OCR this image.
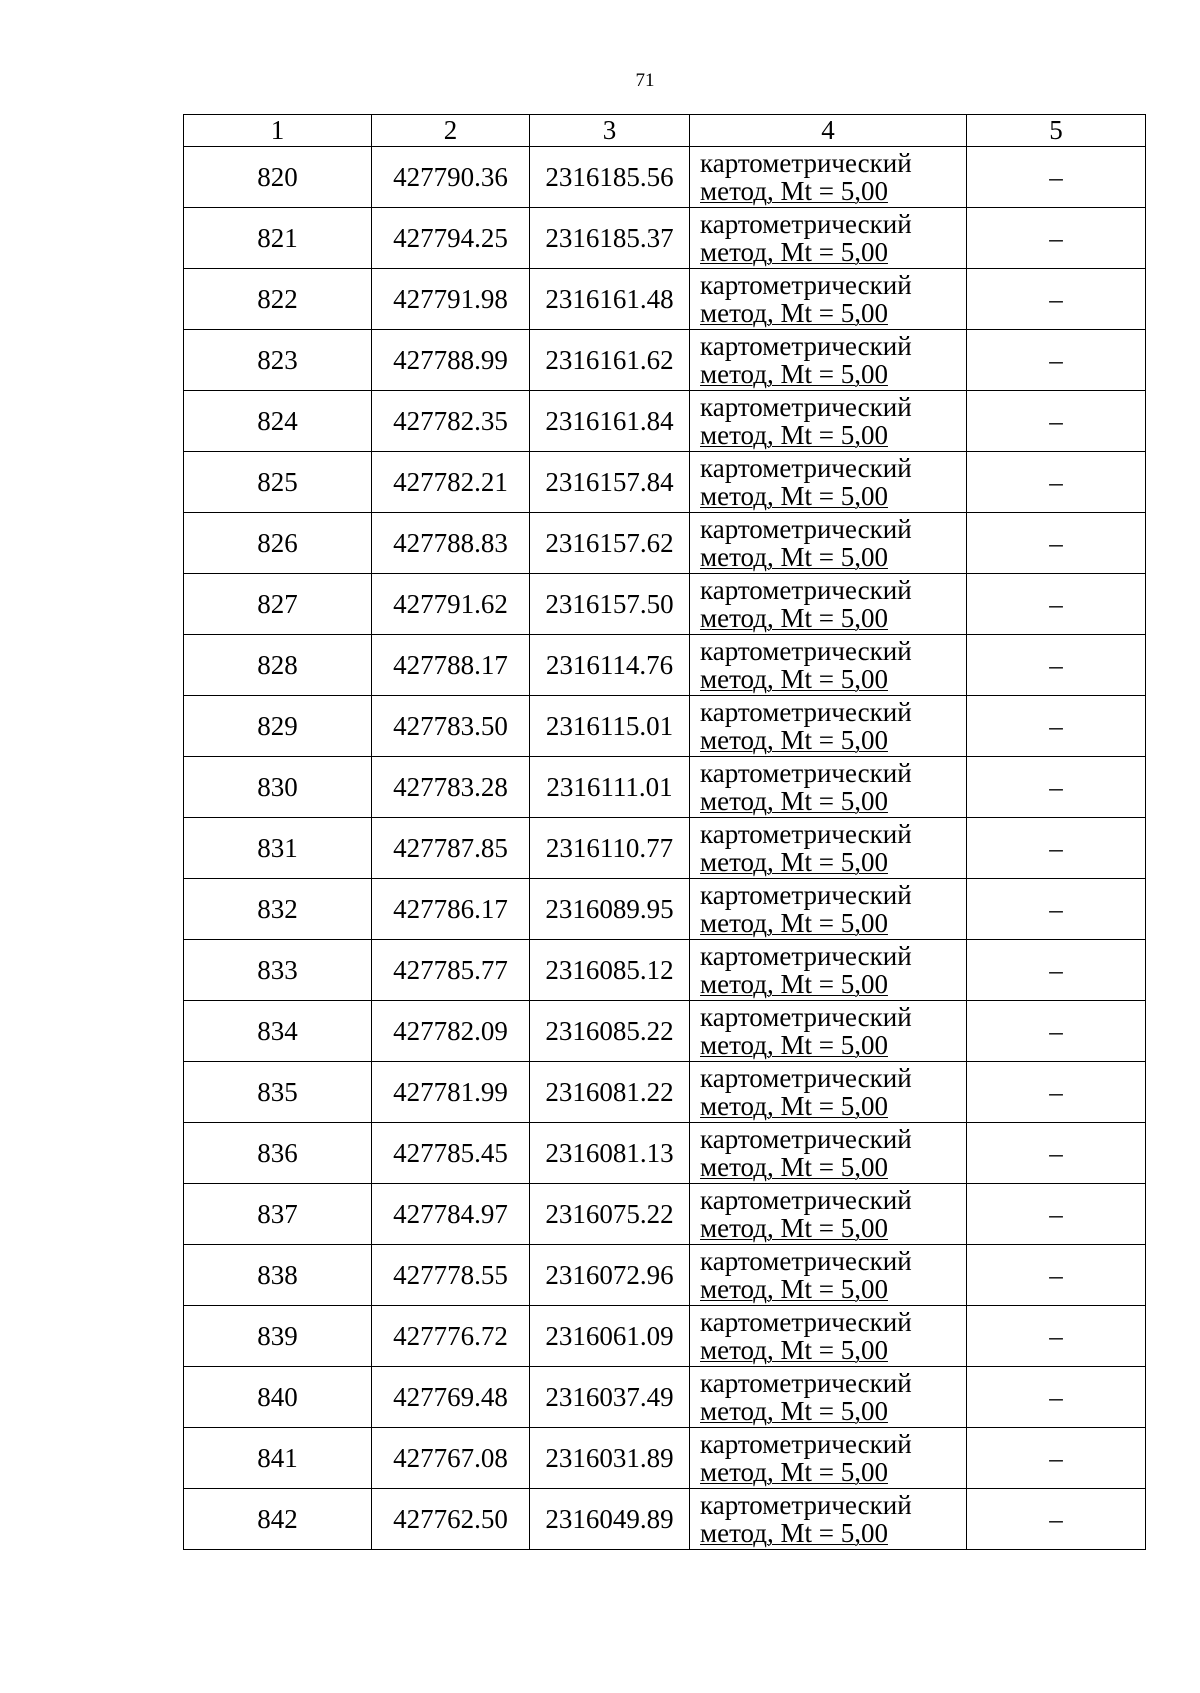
71
1	2	3	4	5
820	427790.36	2316185.56	картометрический
метод, Mt = 5,00	–
821	427794.25	2316185.37	картометрический
метод, Mt = 5,00	–
822	427791.98	2316161.48	картометрический
метод, Mt = 5,00	–
823	427788.99	2316161.62	картометрический
метод, Mt = 5,00	–
824	427782.35	2316161.84	картометрический
метод, Mt = 5,00	–
825	427782.21	2316157.84	картометрический
метод, Mt = 5,00	–
826	427788.83	2316157.62	картометрический
метод, Mt = 5,00	–
827	427791.62	2316157.50	картометрический
метод, Mt = 5,00	–
828	427788.17	2316114.76	картометрический
метод, Mt = 5,00	–
829	427783.50	2316115.01	картометрический
метод, Mt = 5,00	–
830	427783.28	2316111.01	картометрический
метод, Mt = 5,00	–
831	427787.85	2316110.77	картометрический
метод, Mt = 5,00	–
832	427786.17	2316089.95	картометрический
метод, Mt = 5,00	–
833	427785.77	2316085.12	картометрический
метод, Mt = 5,00	–
834	427782.09	2316085.22	картометрический
метод, Mt = 5,00	–
835	427781.99	2316081.22	картометрический
метод, Mt = 5,00	–
836	427785.45	2316081.13	картометрический
метод, Mt = 5,00	–
837	427784.97	2316075.22	картометрический
метод, Mt = 5,00	–
838	427778.55	2316072.96	картометрический
метод, Mt = 5,00	–
839	427776.72	2316061.09	картометрический
метод, Mt = 5,00	–
840	427769.48	2316037.49	картометрический
метод, Mt = 5,00	–
841	427767.08	2316031.89	картометрический
метод, Mt = 5,00	–
842	427762.50	2316049.89	картометрический
метод, Mt = 5,00	–
